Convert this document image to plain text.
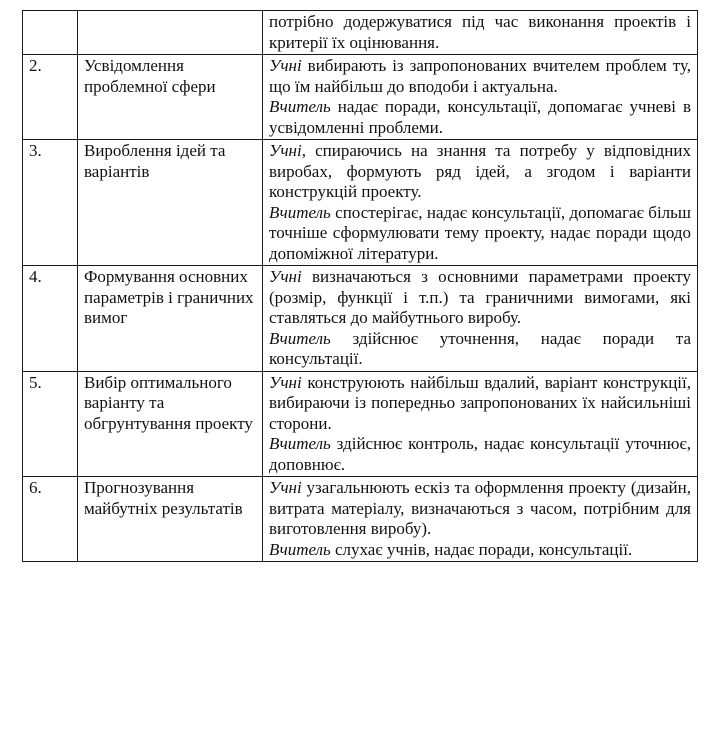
		потрібно додержуватися під час виконання проектів і критерії їх оцінювання.

2.	Усвідомлення проблемної сфери	Учні вибирають із запропонованих вчителем проблем ту, що їм найбільш до вподоби і актуальна.
Вчитель надає поради, консультації, допомагає учневі в усвідомленні проблеми.

3.	Вироблення ідей та варіантів	Учні, спираючись на знання та потребу у відповідних виробах, формують ряд ідей, а згодом і варіанти конструкцій проекту.
Вчитель спостерігає, надає консультації, допомагає більш точніше сформулювати тему проекту, надає поради щодо допоміжної літератури.

4.	Формування основних параметрів і граничних вимог	Учні визначаються з основними параметрами проекту (розмір, функції і т.п.) та граничними вимогами, які ставляться до майбутнього виробу.
Вчитель здійснює уточнення, надає поради та консультації.

5.	Вибір оптимального варіанту та обгрунтування проекту	Учні конструюють найбільш вдалий, варіант конструкції, вибираючи із попередньо запропонованих їх найсильніші сторони.
Вчитель здійснює контроль, надає консультації уточнює, доповнює.

6.	Прогнозування майбутніх результатів	Учні узагальнюють ескіз та оформлення проекту (дизайн, витрата матеріалу, визначаються з часом, потрібним для виготовлення виробу).
Вчитель слухає учнів, надає поради, консультації.
